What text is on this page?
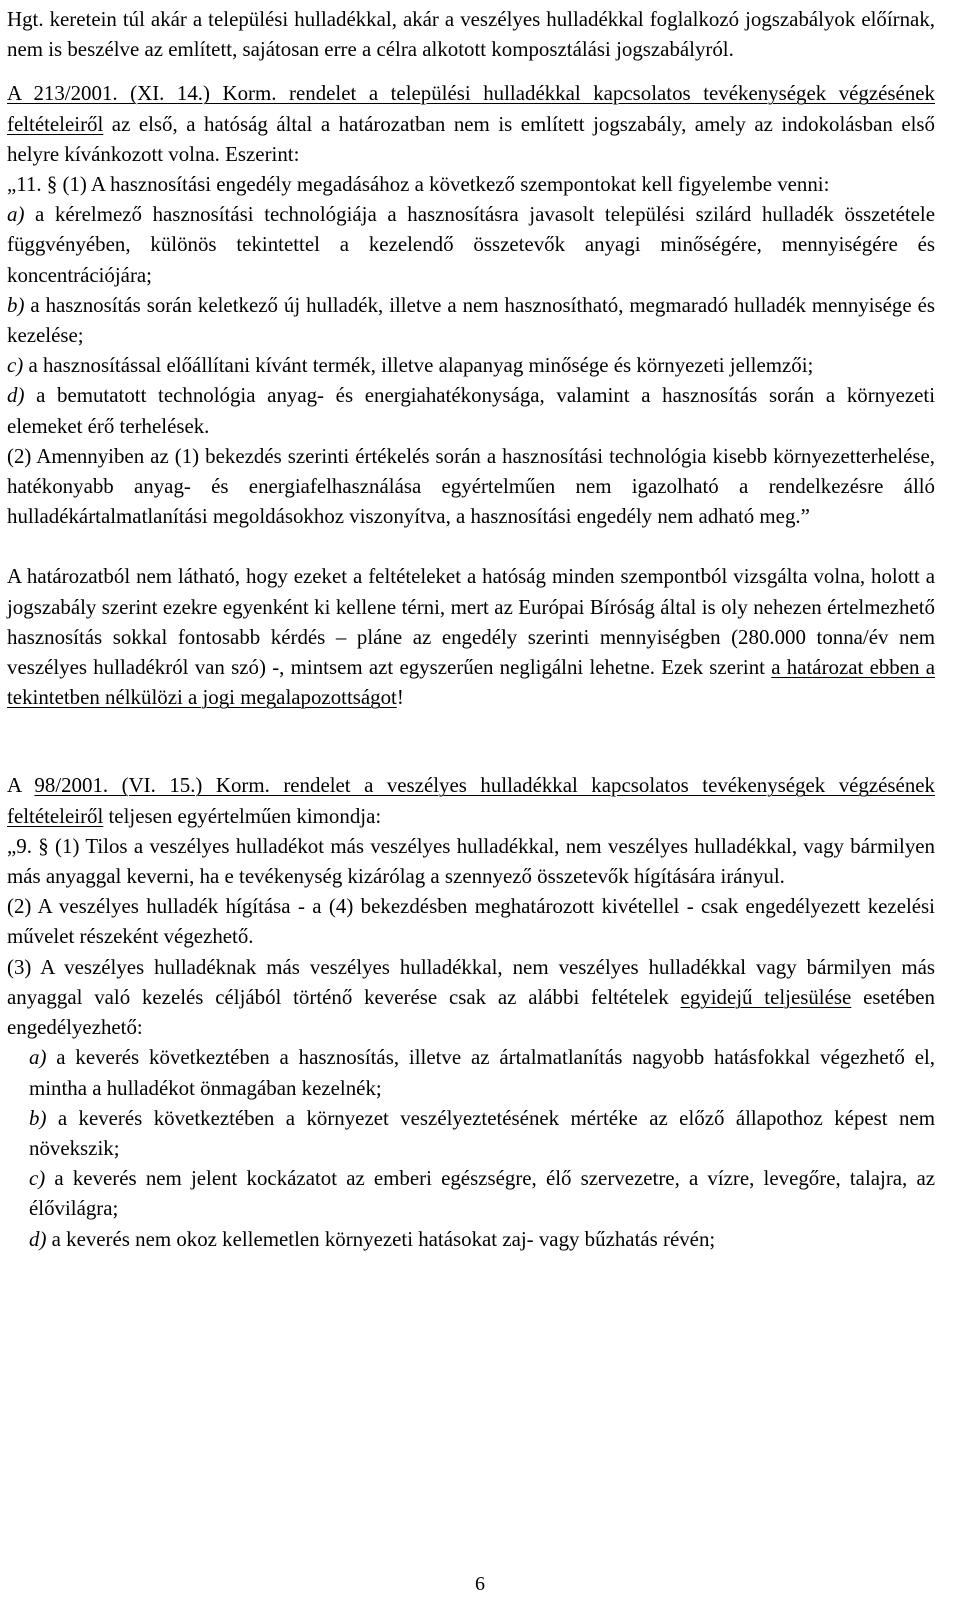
Hgt. keretein túl akár a települési hulladékkal, akár a veszélyes hulladékkal foglalkozó jogszabályok előírnak, nem is beszélve az említett, sajátosan erre a célra alkotott komposztálási jogszabályról.

A 213/2001. (XI. 14.) Korm. rendelet a települési hulladékkal kapcsolatos tevékenységek végzésének feltételeiről az első, a hatóság által a határozatban nem is említett jogszabály, amely az indokolásban első helyre kívánkozott volna. Eszerint:

„11. § (1) A hasznosítási engedély megadásához a következő szempontokat kell figyelembe venni:

a) a kérelmező hasznosítási technológiája a hasznosításra javasolt települési szilárd hulladék összetétele függvényében, különös tekintettel a kezelendő összetevők anyagi minőségére, mennyiségére és koncentrációjára;

b) a hasznosítás során keletkező új hulladék, illetve a nem hasznosítható, megmaradó hulladék mennyisége és kezelése;

c) a hasznosítással előállítani kívánt termék, illetve alapanyag minősége és környezeti jellemzői;

d) a bemutatott technológia anyag- és energiahatékonysága, valamint a hasznosítás során a környezeti elemeket érő terhelések.

(2) Amennyiben az (1) bekezdés szerinti értékelés során a hasznosítási technológia kisebb környezetterhelése, hatékonyabb anyag- és energiafelhasználása egyértelműen nem igazolható a rendelkezésre álló hulladékártalmatlanítási megoldásokhoz viszonyítva, a hasznosítási engedély nem adható meg.”

A határozatból nem látható, hogy ezeket a feltételeket a hatóság minden szempontból vizsgálta volna, holott a jogszabály szerint ezekre egyenként ki kellene térni, mert az Európai Bíróság által is oly nehezen értelmezhető hasznosítás sokkal fontosabb kérdés – pláne az engedély szerinti mennyiségben (280.000 tonna/év nem veszélyes hulladékról van szó) -, mintsem azt egyszerűen negligálni lehetne. Ezek szerint a határozat ebben a tekintetben nélkülözi a jogi megalapozottságot!

A 98/2001. (VI. 15.) Korm. rendelet a veszélyes hulladékkal kapcsolatos tevékenységek végzésének feltételeiről teljesen egyértelműen kimondja:

„9. § (1) Tilos a veszélyes hulladékot más veszélyes hulladékkal, nem veszélyes hulladékkal, vagy bármilyen más anyaggal keverni, ha e tevékenység kizárólag a szennyező összetevők hígítására irányul.

(2) A veszélyes hulladék hígítása - a (4) bekezdésben meghatározott kivétellel - csak engedélyezett kezelési művelet részeként végezhető.

(3) A veszélyes hulladéknak más veszélyes hulladékkal, nem veszélyes hulladékkal vagy bármilyen más anyaggal való kezelés céljából történő keverése csak az alábbi feltételek egyidejű teljesülése esetében engedélyezhető:

a) a keverés következtében a hasznosítás, illetve az ártalmatlanítás nagyobb hatásfokkal végezhető el, mintha a hulladékot önmagában kezelnék;

b) a keverés következtében a környezet veszélyeztetésének mértéke az előző állapothoz képest nem növekszik;

c) a keverés nem jelent kockázatot az emberi egészségre, élő szervezetre, a vízre, levegőre, talajra, az élővilágra;

d) a keverés nem okoz kellemetlen környezeti hatásokat zaj- vagy bűzhatás révén;

6
